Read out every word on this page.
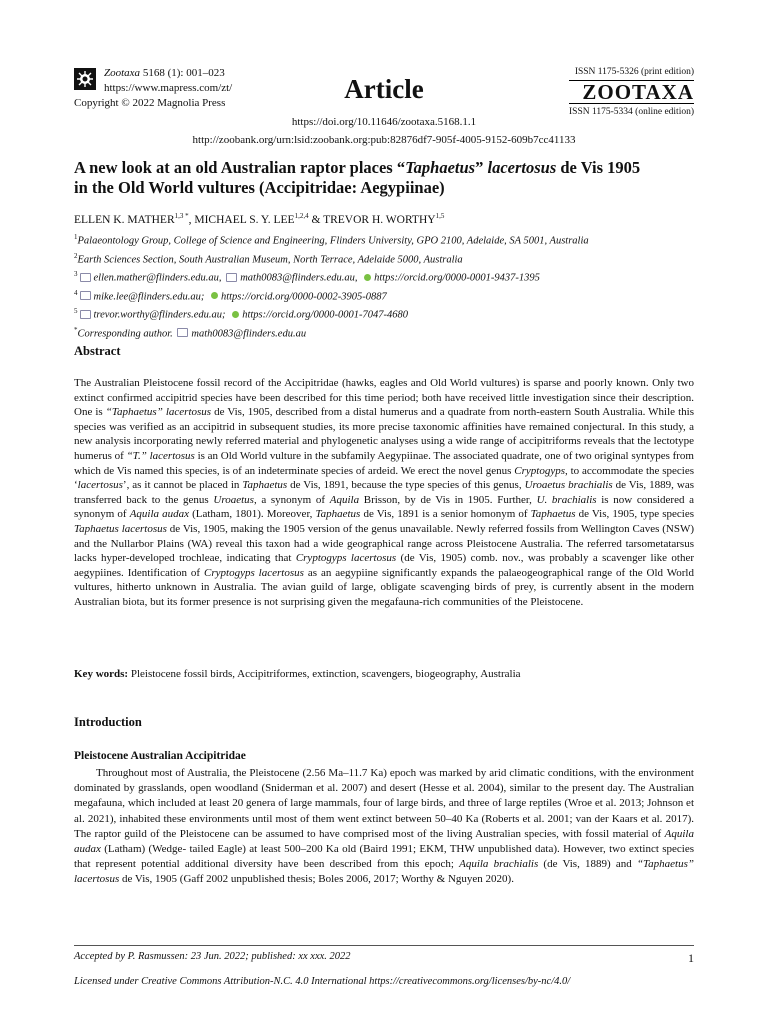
Zootaxa 5168 (1): 001–023
https://www.mapress.com/zt/
Copyright © 2022 Magnolia Press	Article
ISSN 1175-5326 (print edition)
ZOOTAXA
ISSN 1175-5334 (online edition)
https://doi.org/10.11646/zootaxa.5168.1.1
http://zoobank.org/urn:lsid:zoobank.org:pub:82876df7-905f-4005-9152-609b7cc41133
A new look at an old Australian raptor places “Taphaetus” lacertosus de Vis 1905
in the Old World vultures (Accipitridae: Aegypiinae)
ELLEN K. $MATHER^{1,3 *}$, MICHAEL S. Y. LEE$^{1,2,4}$ & TREVOR H. WORTHY$^{1,5}$
$^1$Palaeontology Group, College of Science and Engineering, Flinders University, GPO 2100, Adelaide, SA 5001, Australia
$^2$Earth Sciences Section, South Australian Museum, North Terrace, Adelaide 5000, Australia
$^3$ ellen.mather@flinders.edu.au, math0083@flinders.edu.au, https://orcid.org/0000-0001-9437-1395
$^4$ mike.lee@flinders.edu.au; https://orcid.org/0000-0002-3905-0887
$^5$ trevor.worthy@flinders.edu.au; https://orcid.org/0000-0001-7047-4680
*Corresponding author. math0083@flinders.edu.au
Abstract
The Australian Pleistocene fossil record of the Accipitridae (hawks, eagles and Old World vultures) is sparse and poorly known. Only two extinct confirmed accipitrid species have been described for this time period; both have received little investigation since their description. One is “Taphaetus” lacertosus de Vis, 1905, described from a distal humerus and a quadrate from north-eastern South Australia. While this species was verified as an accipitrid in subsequent studies, its more precise taxonomic affinities have remained conjectural. In this study, a new analysis incorporating newly referred material and phylogenetic analyses using a wide range of accipitriforms reveals that the lectotype humerus of “T.” lacertosus is an Old World vulture in the subfamily Aegypiinae. The associated quadrate, one of two original syntypes from which de Vis named this species, is of an indeterminate species of ardeid. We erect the novel genus Cryptogyps, to accommodate the species ‘lacertosus’, as it cannot be placed in Taphaetus de Vis, 1891, because the type species of this genus, Uroaetus brachialis de Vis, 1889, was transferred back to the genus Uroaetus, a synonym of Aquila Brisson, by de Vis in 1905. Further, U. brachialis is now considered a synonym of Aquila audax (Latham, 1801). Moreover, Taphaetus de Vis, 1891 is a senior homonym of Taphaetus de Vis, 1905, type species Taphaetus lacertosus de Vis, 1905, making the 1905 version of the genus unavailable. Newly referred fossils from Wellington Caves (NSW) and the Nullarbor Plains (WA) reveal this taxon had a wide geographical range across Pleistocene Australia. The referred tarsometatarsus lacks hyper-developed trochleae, indicating that Cryptogyps lacertosus (de Vis, 1905) comb. nov., was probably a scavenger like other aegypiines. Identification of Cryptogyps lacertosus as an aegypiine significantly expands the palaeogeographical range of the Old World vultures, hitherto unknown in Australia. The avian guild of large, obligate scavenging birds of prey, is currently absent in the modern Australian biota, but its former presence is not surprising given the megafauna-rich communities of the Pleistocene.
Key words: Pleistocene fossil birds, Accipitriformes, extinction, scavengers, biogeography, Australia
Introduction
Pleistocene Australian Accipitridae
Throughout most of Australia, the Pleistocene (2.56 Ma–11.7 Ka) epoch was marked by arid climatic conditions, with the environment dominated by grasslands, open woodland (Sniderman et al. 2007) and desert (Hesse et al. 2004), similar to the present day. The Australian megafauna, which included at least 20 genera of large mammals, four of large birds, and three of large reptiles (Wroe et al. 2013; Johnson et al. 2021), inhabited these environments until most of them went extinct between 50–40 Ka (Roberts et al. 2001; van der Kaars et al. 2017). The raptor guild of the Pleistocene can be assumed to have comprised most of the living Australian species, with fossil material of Aquila audax (Latham) (Wedge- tailed Eagle) at least 500–200 Ka old (Baird 1991; EKM, THW unpublished data). However, two extinct species that represent potential additional diversity have been described from this epoch; Aquila brachialis (de Vis, 1889) and “Taphaetus” lacertosus de Vis, 1905 (Gaff 2002 unpublished thesis; Boles 2006, 2017; Worthy & Nguyen 2020).
Accepted by P. Rasmussen: 23 Jun. 2022; published: xx xxx. 2022	1
Licensed under Creative Commons Attribution-N.C. 4.0 International https://creativecommons.org/licenses/by-nc/4.0/
